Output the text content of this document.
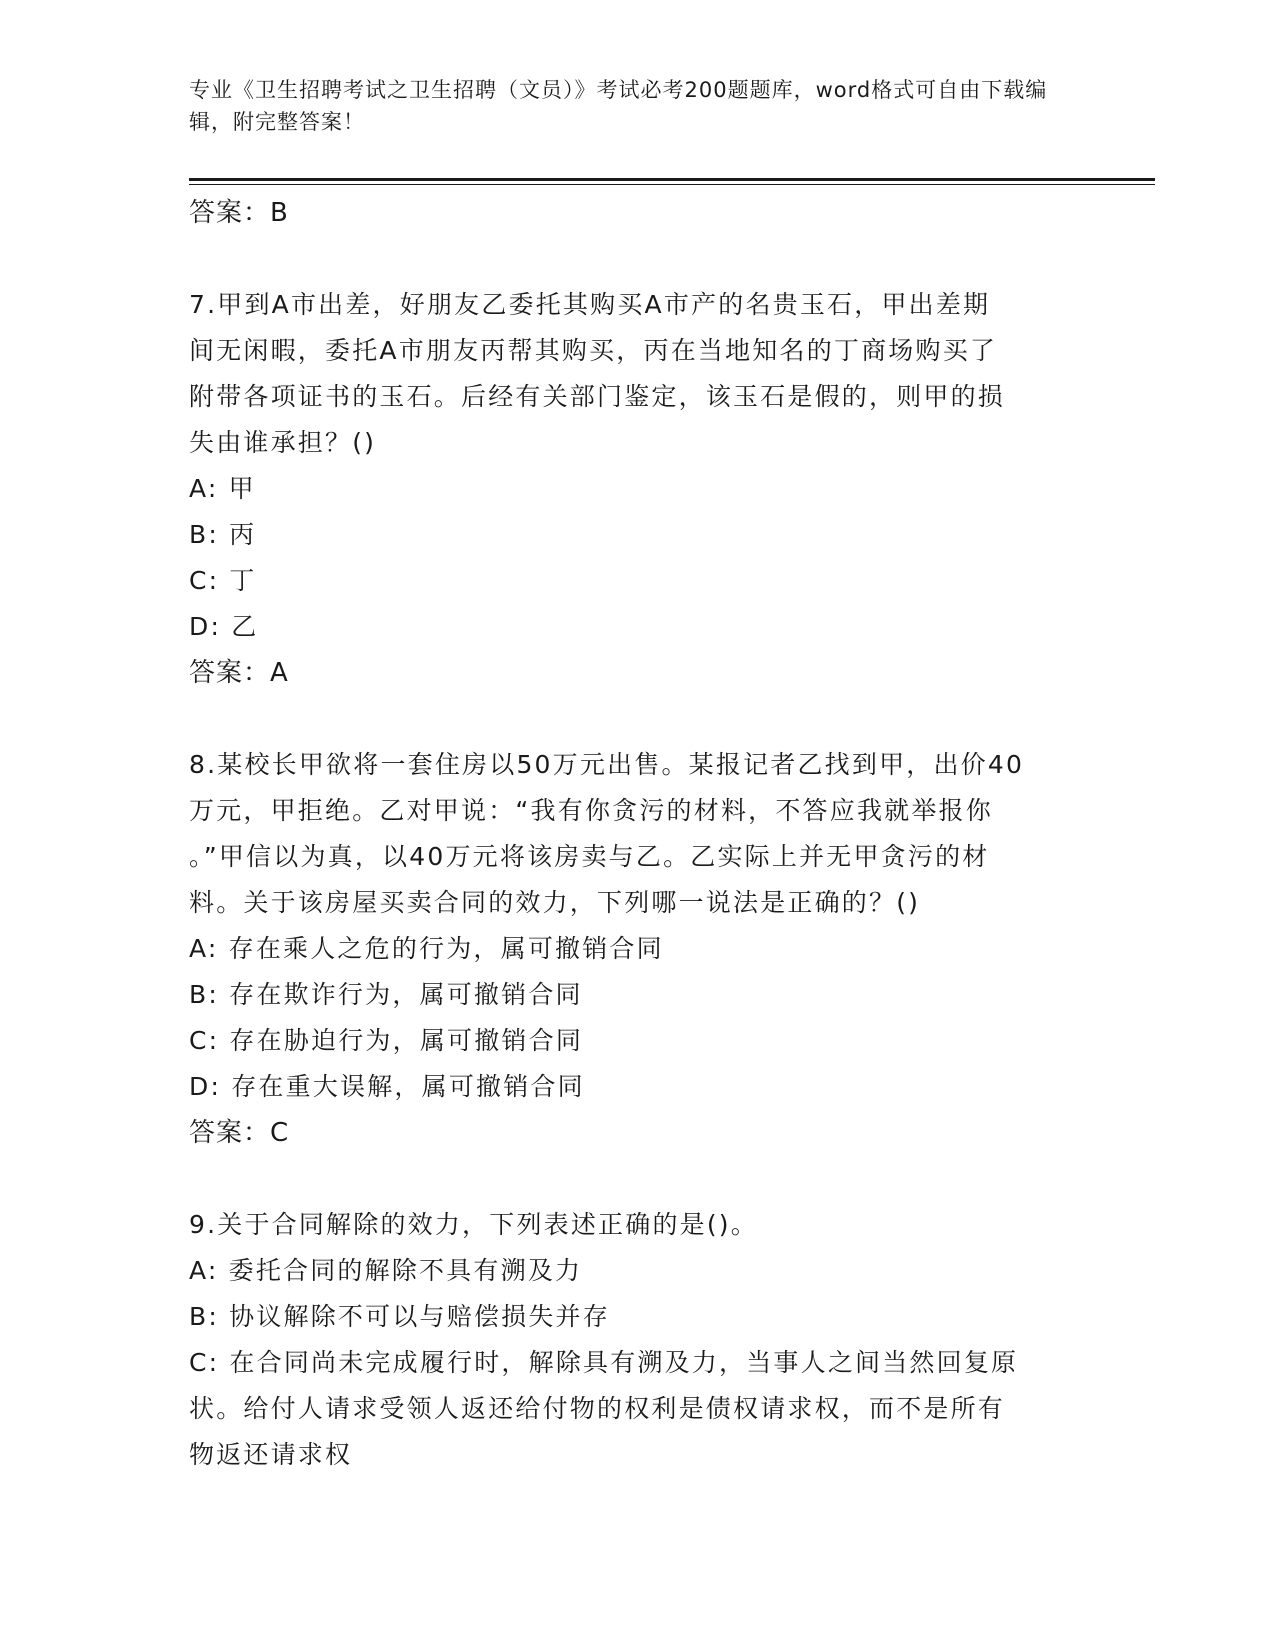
专业《卫生招聘考试之卫生招聘（文员）》考试必考200题题库，word格式可自由下载编辑，附完整答案！
答案：B
7.甲到A市出差，好朋友乙委托其购买A市产的名贵玉石，甲出差期
间无闲暇，委托A市朋友丙帮其购买，丙在当地知名的丁商场购买了
附带各项证书的玉石。后经有关部门鉴定，该玉石是假的，则甲的损
失由谁承担？()
A: 甲
B: 丙
C: 丁
D: 乙
答案：A
8.某校长甲欲将一套住房以50万元出售。某报记者乙找到甲，出价40
万元，甲拒绝。乙对甲说：“我有你贪污的材料，不答应我就举报你
。”甲信以为真，以40万元将该房卖与乙。乙实际上并无甲贪污的材
料。关于该房屋买卖合同的效力，下列哪一说法是正确的？()
A: 存在乘人之危的行为，属可撤销合同
B: 存在欺诈行为，属可撤销合同
C: 存在胁迫行为，属可撤销合同
D: 存在重大误解，属可撤销合同
答案：C
9.关于合同解除的效力，下列表述正确的是()。
A: 委托合同的解除不具有溯及力
B: 协议解除不可以与赔偿损失并存
C: 在合同尚未完成履行时，解除具有溯及力，当事人之间当然回复原
状。给付人请求受领人返还给付物的权利是债权请求权，而不是所有
物返还请求权
